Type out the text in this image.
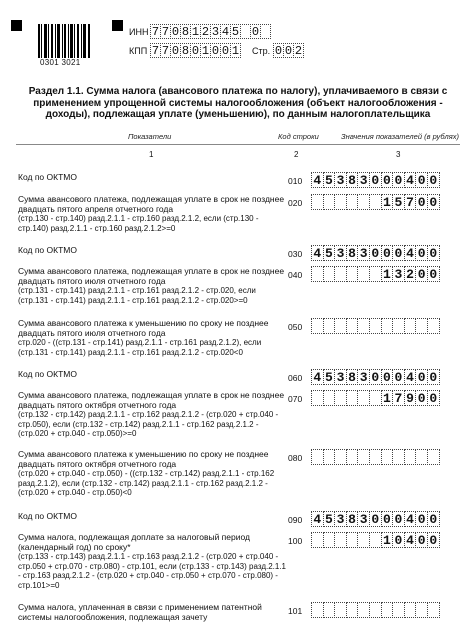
0301 3021
ИНН 7 7 0 8 1 2 3 4 5 0
КПП 7 7 0 8 0 1 0 0 1 Стр. 0 0 2
Раздел 1.1. Сумма налога (авансового платежа по налогу), уплачиваемого в связи с применением упрощенной системы налогообложения (объект налогообложения - доходы), подлежащая уплате (уменьшению), по данным налогоплательщика
Показатели	Код строки	Значения показателей (в рублях)
1	2	3
Код по ОКТМО	010 4 5 3 8 3 0 0 0 4 0 0
Сумма авансового платежа, подлежащая уплате в срок не позднее двадцать пятого апреля отчетного года
(стр.130 - стр.140) разд.2.1.1 - стр.160 разд.2.1.2, если (стр.130 - стр.140) разд.2.1.1 - стр.160 разд.2.1.2>=0
020	1 5 7 0 0
Код по ОКТМО	030 4 5 3 8 3 0 0 0 4 0 0
Сумма авансового платежа, подлежащая уплате в срок не позднее двадцать пятого июля отчетного года
(стр.131 - стр.141) разд.2.1.1 - стр.161 разд.2.1.2 - стр.020, если (стр.131 - стр.141) разд.2.1.1 - стр.161 разд.2.1.2 - стр.020>=0
040	1 3 2 0 0
Сумма авансового платежа к уменьшению по сроку не позднее двадцать пятого июля отчетного года
стр.020 - ((стр.131 - стр.141) разд.2.1.1 - стр.161 разд.2.1.2), если (стр.131 - стр.141) разд.2.1.1 - стр.161 разд.2.1.2 - стр.020<0
050
Код по ОКТМО	060 4 5 3 8 3 0 0 0 4 0 0
Сумма авансового платежа, подлежащая уплате в срок не позднее двадцать пятого октября отчетного года
(стр.132 - стр.142) разд.2.1.1 - стр.162 разд.2.1.2 - (стр.020 + стр.040 - стр.050), если (стр.132 - стр.142) разд.2.1.1 - стр.162 разд.2.1.2 - (стр.020 + стр.040 - стр.050)>=0
070	1 7 9 0 0
Сумма авансового платежа к уменьшению по сроку не позднее двадцать пятого октября отчетного года
(стр.020 + стр.040 - стр.050) - ((стр.132 - стр.142) разд.2.1.1 - стр.162 разд.2.1.2), если (стр.132 - стр.142) разд.2.1.1 - стр.162 разд.2.1.2 - (стр.020 + стр.040 - стр.050)<0
080
Код по ОКТМО	090 4 5 3 8 3 0 0 0 4 0 0
Сумма налога, подлежащая доплате за налоговый период (календарный год) по сроку*
(стр.133 - стр.143) разд.2.1.1 - стр.163 разд.2.1.2 - (стр.020 + стр.040 - стр.050 + стр.070 - стр.080) - стр.101, если (стр.133 - стр.143) разд.2.1.1 - стр.163 разд.2.1.2 - (стр.020 + стр.040 - стр.050 + стр.070 - стр.080) - стр.101>=0
100	1 0 4 0 0
Сумма налога, уплаченная в связи с применением патентной системы налогообложения, подлежащая зачету
101
